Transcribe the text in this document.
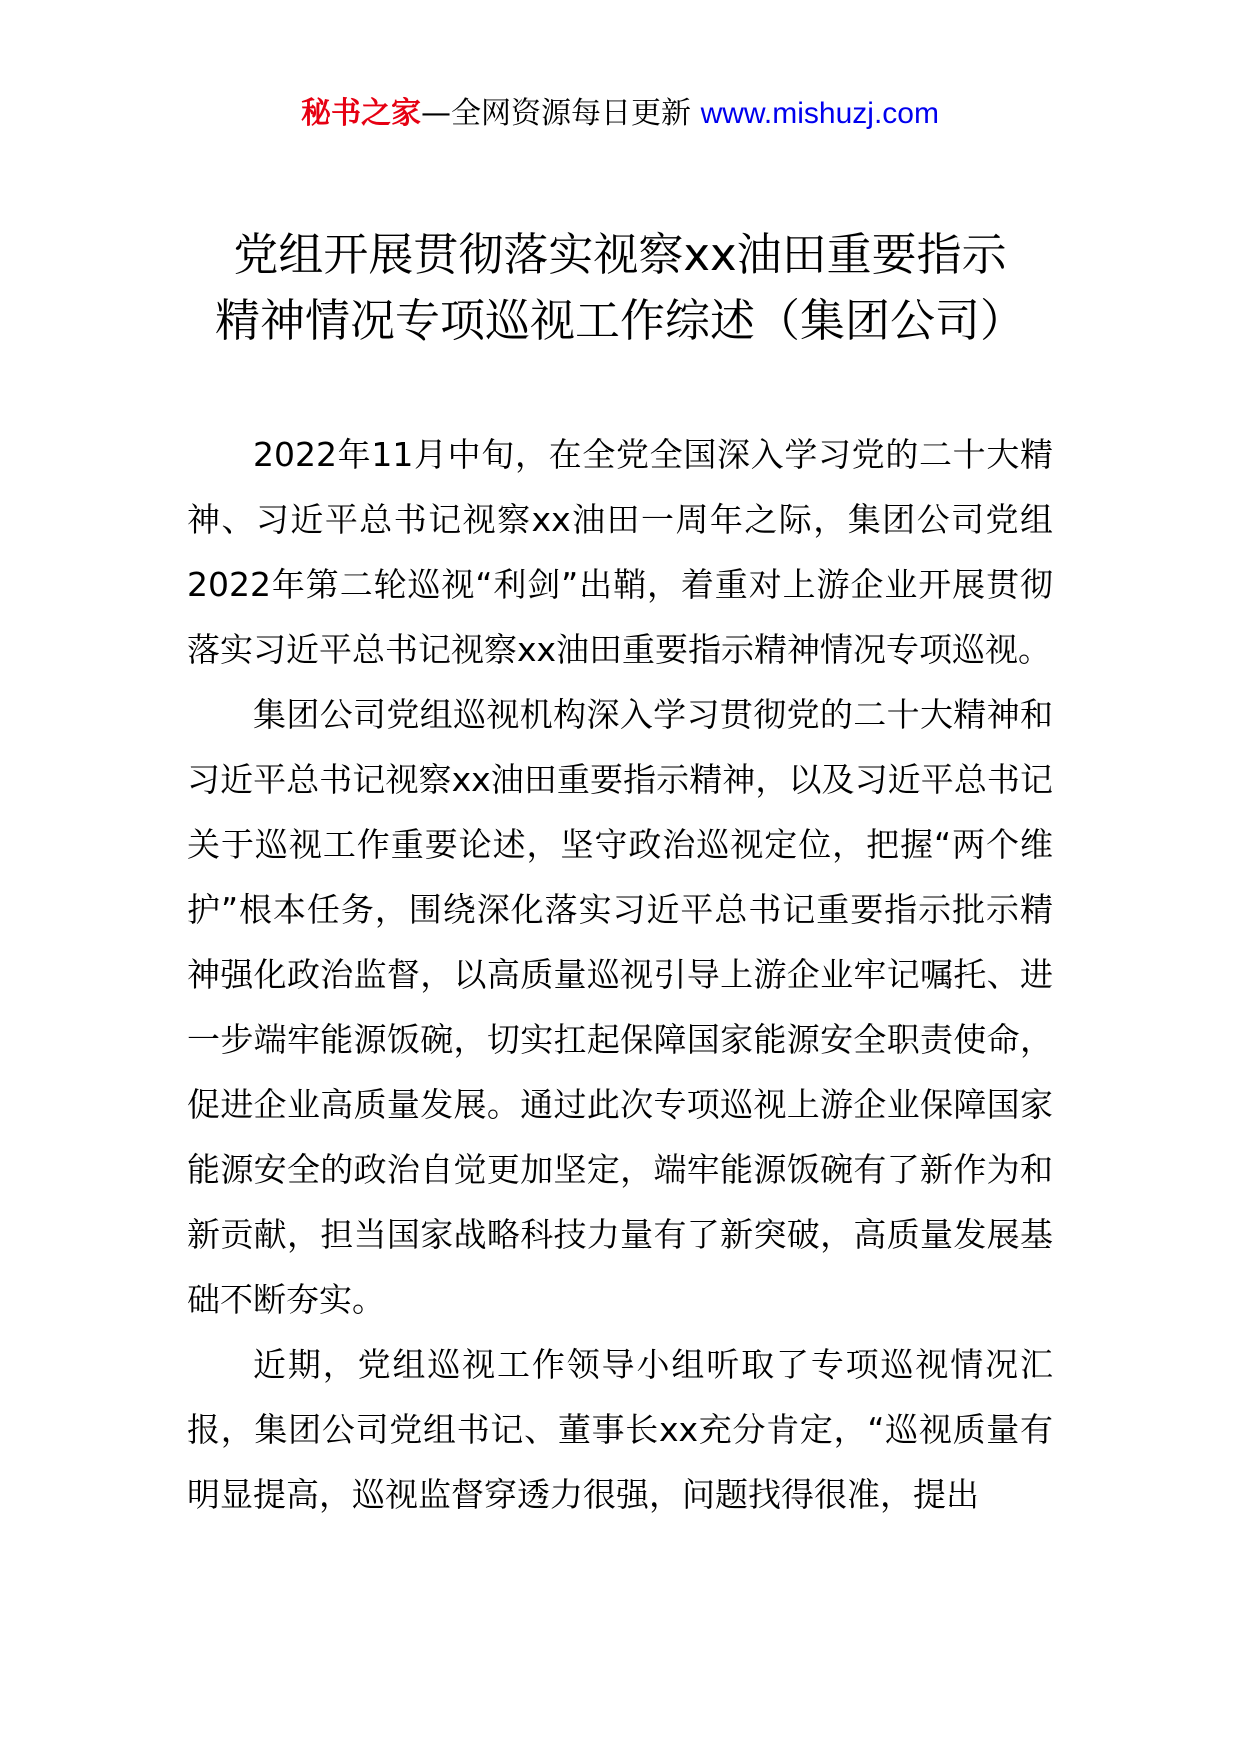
秘书之家—全网资源每日更新 www.mishuzj.com
党组开展贯彻落实视察xx油田重要指示
精神情况专项巡视工作综述（集团公司）

2022年11月中旬，在全党全国深入学习党的二十大精神、习近平总书记视察xx油田一周年之际，集团公司党组2022年第二轮巡视“利剑”出鞘，着重对上游企业开展贯彻落实习近平总书记视察xx油田重要指示精神情况专项巡视。

集团公司党组巡视机构深入学习贯彻党的二十大精神和习近平总书记视察xx油田重要指示精神，以及习近平总书记关于巡视工作重要论述，坚守政治巡视定位，把握“两个维护”根本任务，围绕深化落实习近平总书记重要指示批示精神强化政治监督，以高质量巡视引导上游企业牢记嘱托、进一步端牢能源饭碗，切实扛起保障国家能源安全职责使命，促进企业高质量发展。通过此次专项巡视上游企业保障国家能源安全的政治自觉更加坚定，端牢能源饭碗有了新作为和新贡献，担当国家战略科技力量有了新突破，高质量发展基础不断夯实。

近期，党组巡视工作领导小组听取了专项巡视情况汇报，集团公司党组书记、董事长xx充分肯定，“巡视质量有明显提高，巡视监督穿透力很强，问题找得很准，提出
